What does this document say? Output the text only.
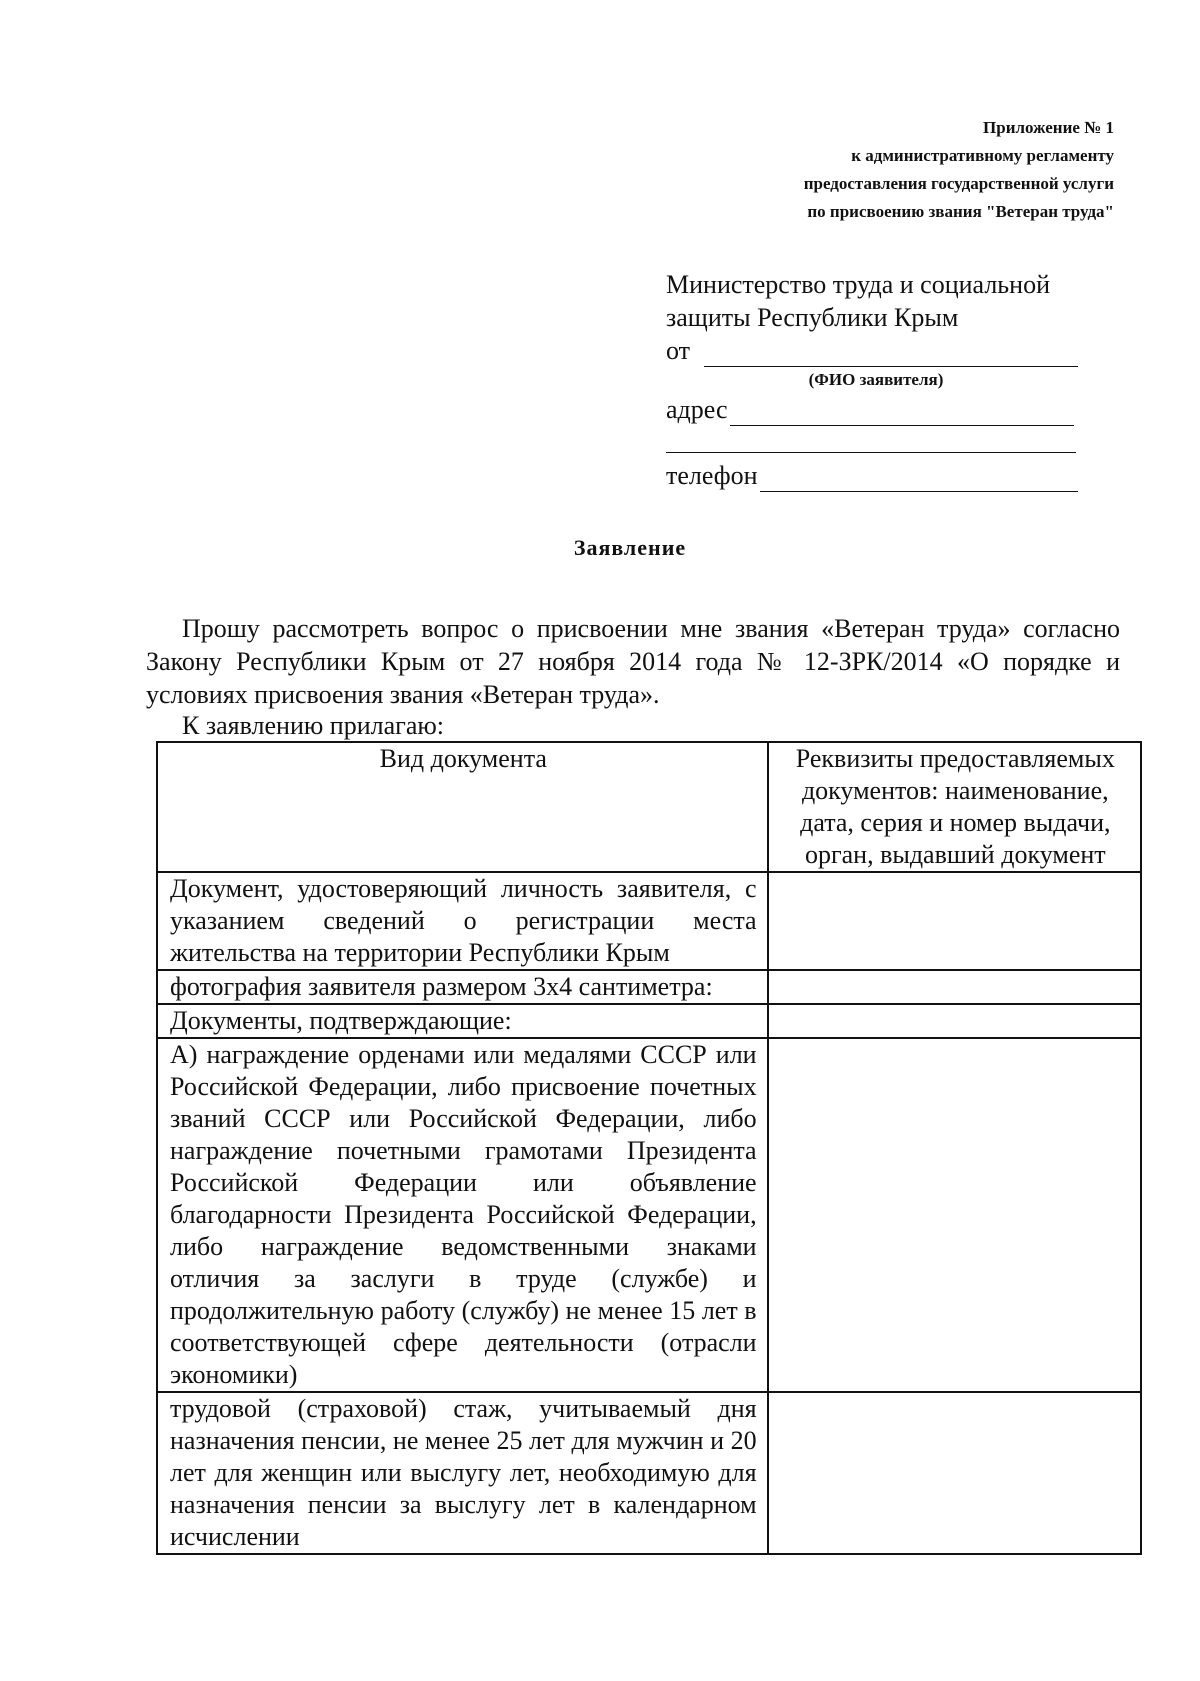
Приложение № 1
к административному регламенту
предоставления государственной услуги
по присвоению звания "Ветеран труда"
Министерство труда и социальной
защиты Республики Крым
от
(ФИО заявителя)
адрес
телефон
Заявление

Прошу рассмотреть вопрос о присвоении мне звания «Ветеран труда» согласно Закону Республики Крым от 27 ноября 2014 года № 12-ЗРК/2014 «О порядке и условиях присвоения звания «Ветеран труда».

К заявлению прилагаю:
Вид документа	Реквизиты предоставляемых документов: наименование, дата, серия и номер выдачи, орган, выдавший документ
Документ, удостоверяющий личность заявителя, с указанием сведений о регистрации места жительства на территории Республики Крым	
фотография заявителя размером 3х4 сантиметра:	
Документы, подтверждающие:	
А) награждение орденами или медалями СССР или Российской Федерации, либо присвоение почетных званий СССР или Российской Федерации, либо награждение почетными грамотами Президента Российской Федерации или объявление благодарности Президента Российской Федерации, либо награждение ведомственными знаками отличия за заслуги в труде (службе) и продолжительную работу (службу) не менее 15 лет в соответствующей сфере деятельности (отрасли экономики)	
трудовой (страховой) стаж, учитываемый дня назначения пенсии, не менее 25 лет для мужчин и 20 лет для женщин или выслугу лет, необходимую для назначения пенсии за выслугу лет в календарном исчислении	
